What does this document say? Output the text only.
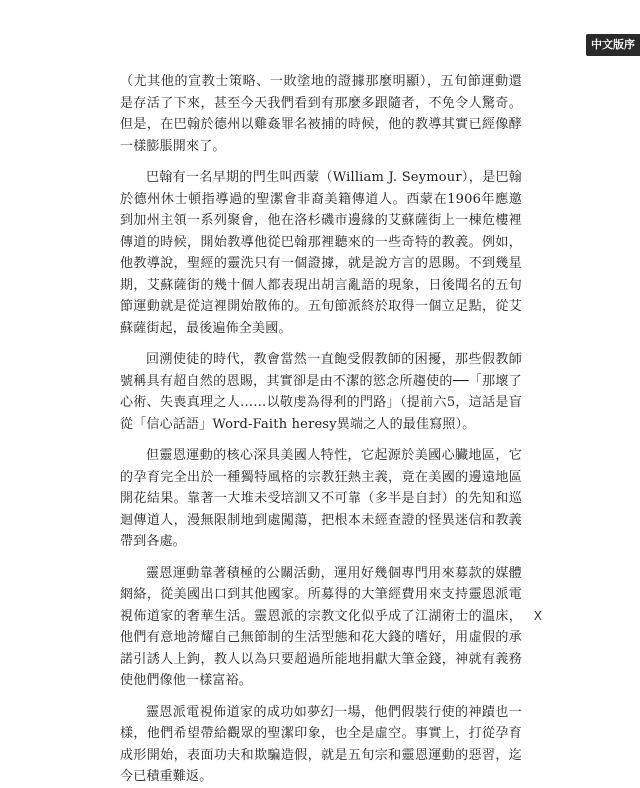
中文版序

（尤其他的宣教士策略、一敗塗地的證據那麼明顯），五旬節運動還是存活了下來，甚至今天我們看到有那麼多跟隨者，不免令人驚奇。但是，在巴翰於德州以雞姦罪名被捕的時候，他的教導其實已經像酵一樣膨脹開來了。

巴翰有一名早期的門生叫西蒙（William J. Seymour），是巴翰於德州休士頓指導過的聖潔會非裔美籍傳道人。西蒙在1906年應邀到加州主領一系列聚會，他在洛杉磯市邊緣的艾蘇薩街上一棟危樓裡傳道的時候，開始教導他從巴翰那裡聽來的一些奇特的教義。例如，他教導說，聖經的靈洗只有一個證據，就是說方言的恩賜。不到幾星期，艾蘇薩街的幾十個人都表現出胡言亂語的現象，日後聞名的五旬節運動就是從這裡開始散佈的。五旬節派終於取得一個立足點，從艾蘇薩街起，最後遍佈全美國。

回溯使徒的時代，教會當然一直飽受假教師的困擾，那些假教師號稱具有超自然的恩賜，其實卻是由不潔的慾念所趨使的──「那壞了心術、失喪真理之人……以敬虔為得利的門路」（提前六5，這話是盲從「信心話語」Word-Faith heresy異端之人的最佳寫照）。

但靈恩運動的核心深具美國人特性，它起源於美國心臟地區，它的孕育完全出於一種獨特風格的宗教狂熱主義，竟在美國的邊遠地區開花結果。靠著一大堆未受培訓又不可靠（多半是自封）的先知和巡迴傳道人，漫無限制地到處闖蕩，把根本未經查證的怪異迷信和教義帶到各處。

靈恩運動靠著積極的公關活動，運用好幾個專門用來募款的媒體網絡，從美國出口到其他國家。所募得的大筆經費用來支持靈恩派電視佈道家的奢華生活。靈恩派的宗教文化似乎成了江湖術士的溫床，他們有意地誇耀自己無節制的生活型態和花大錢的嗜好，用虛假的承諾引誘人上鉤，教人以為只要超過所能地捐獻大筆金錢，神就有義務使他們像他一樣富裕。

靈恩派電視佈道家的成功如夢幻一場，他們假裝行使的神蹟也一樣，他們希望帶給觀眾的聖潔印象，也全是虛空。事實上，打從孕育成形開始，表面功夫和欺騙造假，就是五旬宗和靈恩運動的惡習，迄今已積重難返。

X
